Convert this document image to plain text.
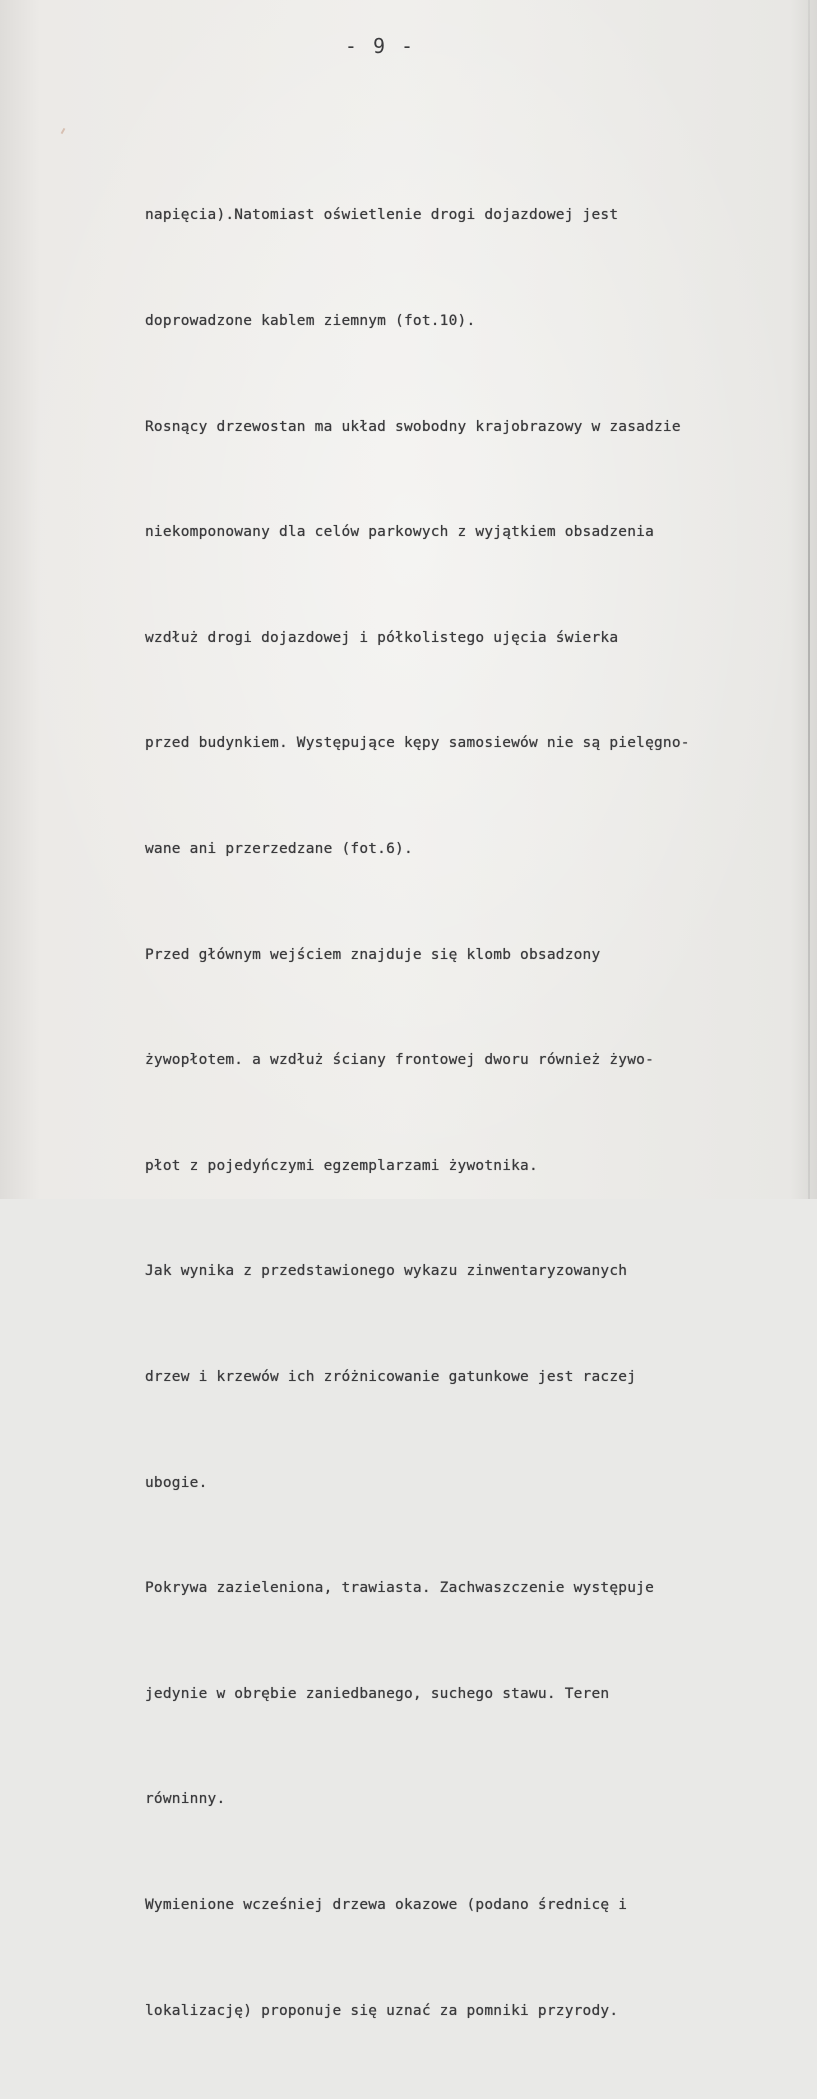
- 9 -

napięcia).Natomiast oświetlenie drogi dojazdowej jest

doprowadzone kablem ziemnym (fot.10).

Rosnący drzewostan ma układ swobodny krajobrazowy w zasadzie

niekomponowany dla celów parkowych z wyjątkiem obsadzenia

wzdłuż drogi dojazdowej i półkolistego ujęcia świerka

przed budynkiem. Występujące kępy samosiewów nie są pielęgno-

wane ani przerzedzane (fot.6).

Przed głównym wejściem znajduje się klomb obsadzony

żywopłotem. a wzdłuż ściany frontowej dworu również żywo-

płot z pojedyńczymi egzemplarzami żywotnika.

Jak wynika z przedstawionego wykazu zinwentaryzowanych

drzew i krzewów ich zróżnicowanie gatunkowe jest raczej

ubogie.

Pokrywa zazieleniona, trawiasta. Zachwaszczenie występuje

jedynie w obrębie zaniedbanego, suchego stawu. Teren

równinny.

Wymienione wcześniej drzewa okazowe (podano średnicę i

lokalizację) proponuje się uznać za pomniki przyrody.
